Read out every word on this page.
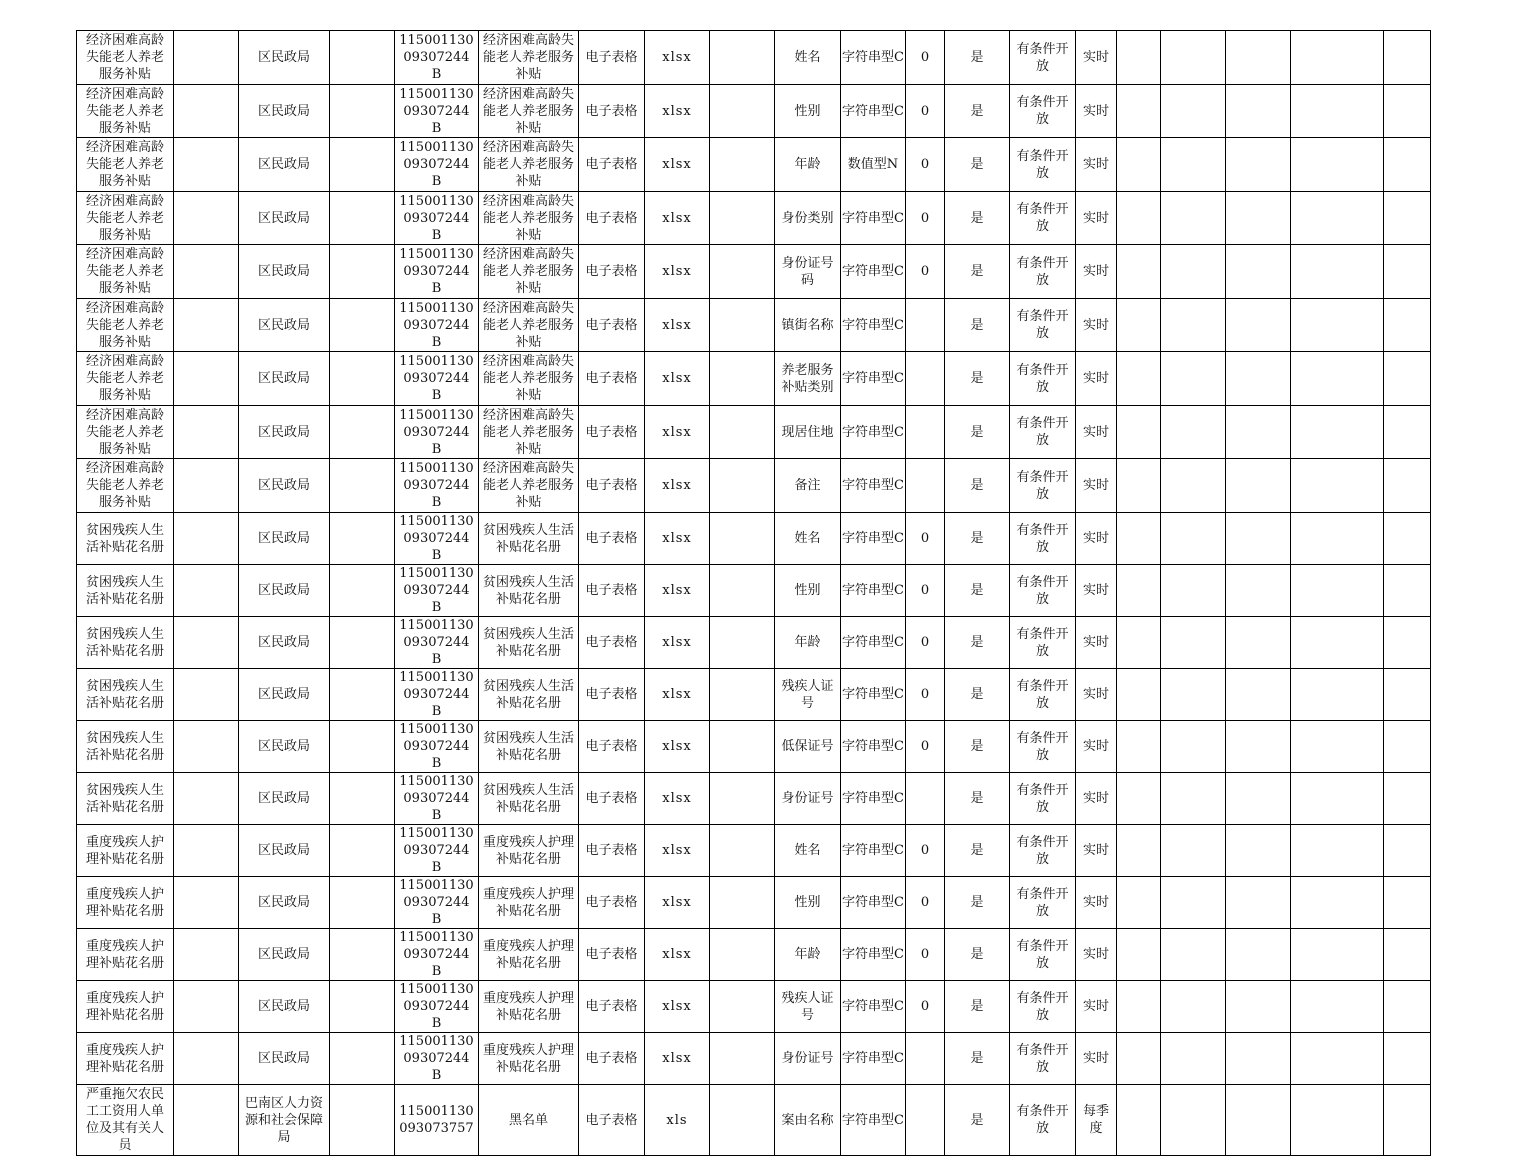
经济困难高龄失能老人养老服务补贴		区民政局		11500113009307244B	经济困难高龄失能老人养老服务补贴	电子表格	xlsx		姓名	字符串型C	0	是	有条件开放	实时					
经济困难高龄失能老人养老服务补贴		区民政局		11500113009307244B	经济困难高龄失能老人养老服务补贴	电子表格	xlsx		性别	字符串型C	0	是	有条件开放	实时					
经济困难高龄失能老人养老服务补贴		区民政局		11500113009307244B	经济困难高龄失能老人养老服务补贴	电子表格	xlsx		年龄	数值型N	0	是	有条件开放	实时					
经济困难高龄失能老人养老服务补贴		区民政局		11500113009307244B	经济困难高龄失能老人养老服务补贴	电子表格	xlsx		身份类别	字符串型C	0	是	有条件开放	实时					
经济困难高龄失能老人养老服务补贴		区民政局		11500113009307244B	经济困难高龄失能老人养老服务补贴	电子表格	xlsx		身份证号码	字符串型C	0	是	有条件开放	实时					
经济困难高龄失能老人养老服务补贴		区民政局		11500113009307244B	经济困难高龄失能老人养老服务补贴	电子表格	xlsx		镇街名称	字符串型C		是	有条件开放	实时					
经济困难高龄失能老人养老服务补贴		区民政局		11500113009307244B	经济困难高龄失能老人养老服务补贴	电子表格	xlsx		养老服务补贴类别	字符串型C		是	有条件开放	实时					
经济困难高龄失能老人养老服务补贴		区民政局		11500113009307244B	经济困难高龄失能老人养老服务补贴	电子表格	xlsx		现居住地	字符串型C		是	有条件开放	实时					
经济困难高龄失能老人养老服务补贴		区民政局		11500113009307244B	经济困难高龄失能老人养老服务补贴	电子表格	xlsx		备注	字符串型C		是	有条件开放	实时					
贫困残疾人生活补贴花名册		区民政局		11500113009307244B	贫困残疾人生活补贴花名册	电子表格	xlsx		姓名	字符串型C	0	是	有条件开放	实时					
贫困残疾人生活补贴花名册		区民政局		11500113009307244B	贫困残疾人生活补贴花名册	电子表格	xlsx		性别	字符串型C	0	是	有条件开放	实时					
贫困残疾人生活补贴花名册		区民政局		11500113009307244B	贫困残疾人生活补贴花名册	电子表格	xlsx		年龄	字符串型C	0	是	有条件开放	实时					
贫困残疾人生活补贴花名册		区民政局		11500113009307244B	贫困残疾人生活补贴花名册	电子表格	xlsx		残疾人证号	字符串型C	0	是	有条件开放	实时					
贫困残疾人生活补贴花名册		区民政局		11500113009307244B	贫困残疾人生活补贴花名册	电子表格	xlsx		低保证号	字符串型C	0	是	有条件开放	实时					
贫困残疾人生活补贴花名册		区民政局		11500113009307244B	贫困残疾人生活补贴花名册	电子表格	xlsx		身份证号	字符串型C		是	有条件开放	实时					
重度残疾人护理补贴花名册		区民政局		11500113009307244B	重度残疾人护理补贴花名册	电子表格	xlsx		姓名	字符串型C	0	是	有条件开放	实时					
重度残疾人护理补贴花名册		区民政局		11500113009307244B	重度残疾人护理补贴花名册	电子表格	xlsx		性别	字符串型C	0	是	有条件开放	实时					
重度残疾人护理补贴花名册		区民政局		11500113009307244B	重度残疾人护理补贴花名册	电子表格	xlsx		年龄	字符串型C	0	是	有条件开放	实时					
重度残疾人护理补贴花名册		区民政局		11500113009307244B	重度残疾人护理补贴花名册	电子表格	xlsx		残疾人证号	字符串型C	0	是	有条件开放	实时					
重度残疾人护理补贴花名册		区民政局		11500113009307244B	重度残疾人护理补贴花名册	电子表格	xlsx		身份证号	字符串型C		是	有条件开放	实时					
严重拖欠农民工工资用人单位及其有关人员		巴南区人力资源和社会保障局		115001130093073757	黑名单	电子表格	xls		案由名称	字符串型C		是	有条件开放	每季度					
